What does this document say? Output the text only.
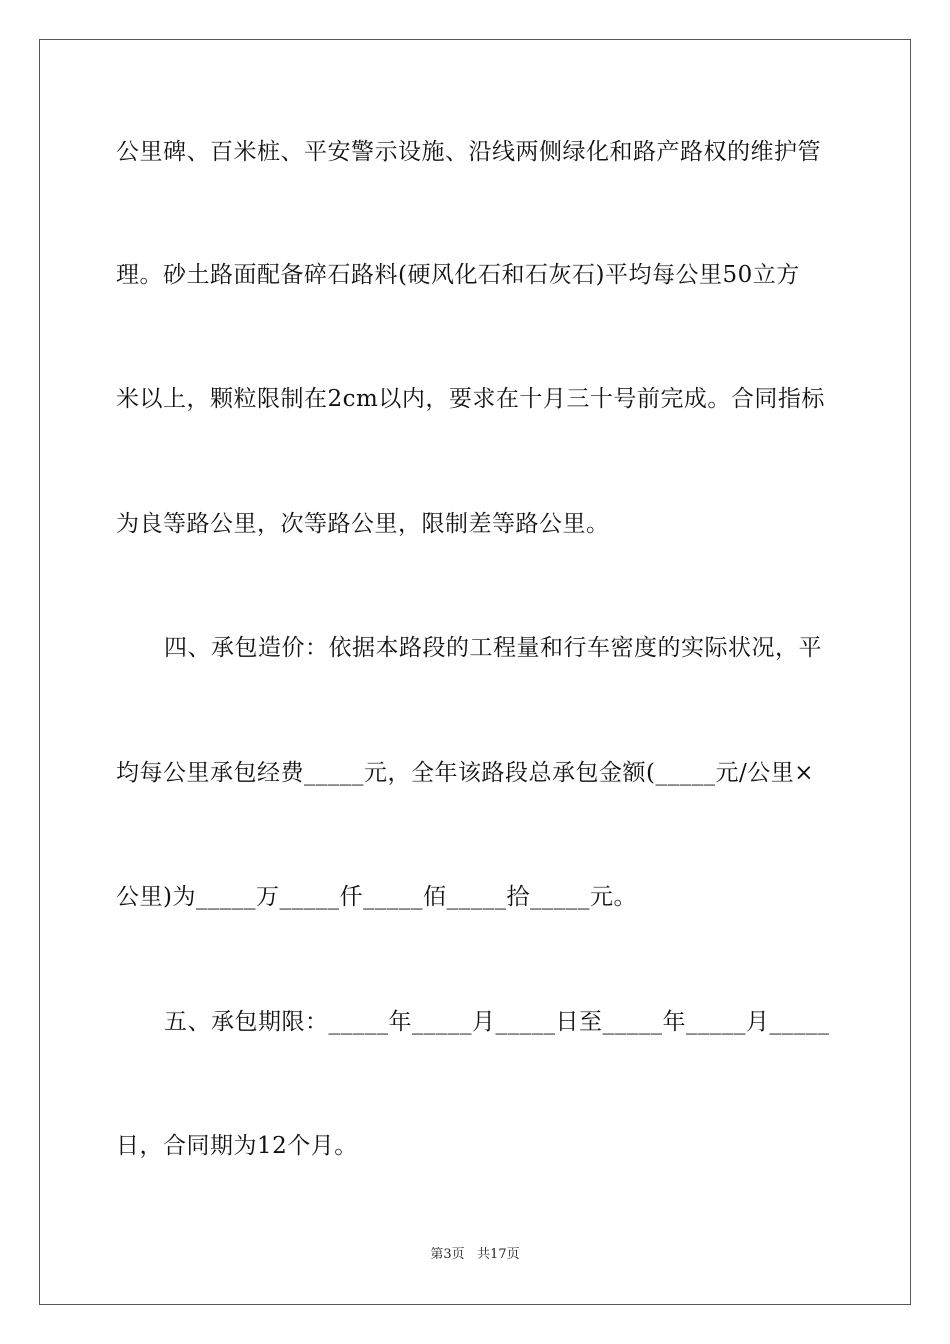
公里碑、百米桩、平安警示设施、沿线两侧绿化和路产路权的维护管
理。砂土路面配备碎石路料(硬风化石和石灰石)平均每公里50立方
米以上，颗粒限制在2cm以内，要求在十月三十号前完成。合同指标
为良等路公里，次等路公里，限制差等路公里。
四、承包造价：依据本路段的工程量和行车密度的实际状况，平
均每公里承包经费_____元，全年该路段总承包金额(_____元/公里×
公里)为_____万_____仟_____佰_____拾_____元。
五、承包期限：_____年_____月_____日至_____年_____月_____
日，合同期为12个月。
第3页   共17页
